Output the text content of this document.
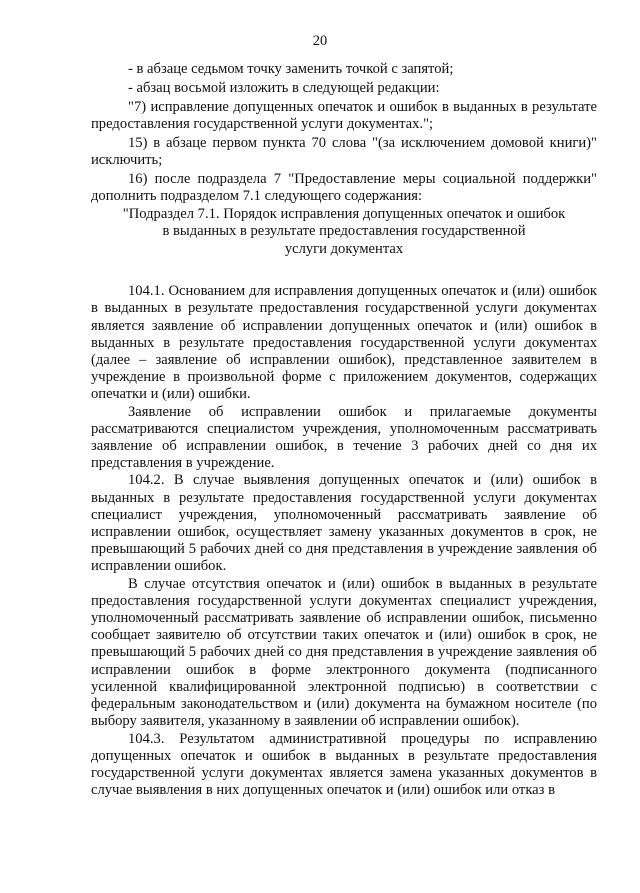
20

- в абзаце седьмом точку заменить точкой с запятой;

- абзац восьмой изложить в следующей редакции:

"7) исправление допущенных опечаток и ошибок в выданных в результате предоставления государственной услуги документах.";

15) в абзаце первом пункта 70 слова "(за исключением домовой книги)" исключить;

16) после подраздела 7 "Предоставление меры социальной поддержки" дополнить подразделом 7.1 следующего содержания:

"Подраздел 7.1. Порядок исправления допущенных опечаток и ошибок
в выданных в результате предоставления государственной
услуги документах

104.1. Основанием для исправления допущенных опечаток и (или) ошибок в выданных в результате предоставления государственной услуги документах является заявление об исправлении допущенных опечаток и (или) ошибок в выданных в результате предоставления государственной услуги документах (далее – заявление об исправлении ошибок), представленное заявителем в учреждение в произвольной форме с приложением документов, содержащих опечатки и (или) ошибки.

Заявление об исправлении ошибок и прилагаемые документы рассматриваются специалистом учреждения, уполномоченным рассматривать заявление об исправлении ошибок, в течение 3 рабочих дней со дня их представления в учреждение.

104.2. В случае выявления допущенных опечаток и (или) ошибок в выданных в результате предоставления государственной услуги документах специалист учреждения, уполномоченный рассматривать заявление об исправлении ошибок, осуществляет замену указанных документов в срок, не превышающий 5 рабочих дней со дня представления в учреждение заявления об исправлении ошибок.

В случае отсутствия опечаток и (или) ошибок в выданных в результате предоставления государственной услуги документах специалист учреждения, уполномоченный рассматривать заявление об исправлении ошибок, письменно сообщает заявителю об отсутствии таких опечаток и (или) ошибок в срок, не превышающий 5 рабочих дней со дня представления в учреждение заявления об исправлении ошибок в форме электронного документа (подписанного усиленной квалифицированной электронной подписью) в соответствии с федеральным законодательством и (или) документа на бумажном носителе (по выбору заявителя, указанному в заявлении об исправлении ошибок).

104.3. Результатом административной процедуры по исправлению допущенных опечаток и ошибок в выданных в результате предоставления государственной услуги документах является замена указанных документов в случае выявления в них допущенных опечаток и (или) ошибок или отказ в
